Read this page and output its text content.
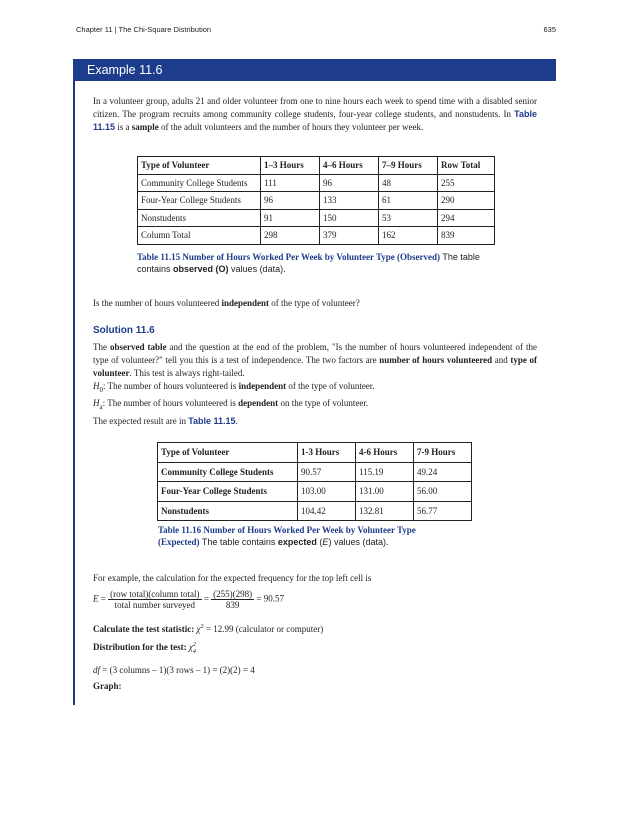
Chapter 11 | The Chi-Square Distribution	635
Example 11.6
In a volunteer group, adults 21 and older volunteer from one to nine hours each week to spend time with a disabled senior citizen. The program recruits among community college students, four-year college students, and nonstudents. In Table 11.15 is a sample of the adult volunteers and the number of hours they volunteer per week.
Type of Volunteer	1–3 Hours	4–6 Hours	7–9 Hours	Row Total
Community College Students	111	96	48	255
Four-Year College Students	96	133	61	290
Nonstudents	91	150	53	294
Column Total	298	379	162	839
Table 11.15 Number of Hours Worked Per Week by Volunteer Type (Observed) The table contains observed (O) values (data).
Is the number of hours volunteered independent of the type of volunteer?
Solution 11.6
The observed table and the question at the end of the problem, "Is the number of hours volunteered independent of the type of volunteer?" tell you this is a test of independence. The two factors are number of hours volunteered and type of volunteer. This test is always right-tailed.
$H_0$: The number of hours volunteered is independent of the type of volunteer.
$H_a$: The number of hours volunteered is dependent on the type of volunteer.
The expected result are in Table 11.15.
Type of Volunteer	1-3 Hours	4-6 Hours	7-9 Hours
Community College Students	90.57	115.19	49.24
Four-Year College Students	103.00	131.00	56.00
Nonstudents	104.42	132.81	56.77
Table 11.16 Number of Hours Worked Per Week by Volunteer Type
(Expected) The table contains expected (E) values (data).
For example, the calculation for the expected frequency for the top left cell is
$E = \frac{\text{(row total)(column total)}}{\text{total number surveyed}} = \frac{(255)(298)}{839} = 90.57$
Calculate the test statistic: $\chi^2 = 12.99$ (calculator or computer)
Distribution for the test: χ 2
4
df = (3 columns – 1)(3 rows – 1) = (2)(2) = 4
Graph:
